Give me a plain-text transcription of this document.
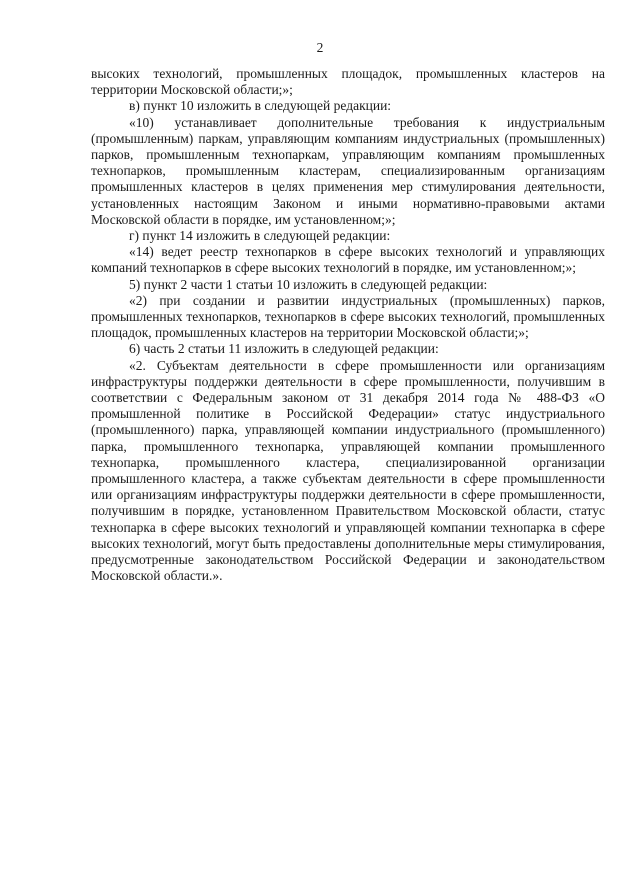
2

высоких технологий, промышленных площадок, промышленных кластеров на территории Московской области;»;

в) пункт 10 изложить в следующей редакции:

«10) устанавливает дополнительные требования к индустриальным (промышленным) паркам, управляющим компаниям индустриальных (промышленных) парков, промышленным технопаркам, управляющим компаниям промышленных технопарков, промышленным кластерам, специализированным организациям промышленных кластеров в целях применения мер стимулирования деятельности, установленных настоящим Законом и иными нормативно-правовыми актами Московской области в порядке, им установленном;»;

г) пункт 14 изложить в следующей редакции:

«14) ведет реестр технопарков в сфере высоких технологий и управляющих компаний технопарков в сфере высоких технологий в порядке, им установленном;»;

5) пункт 2 части 1 статьи 10 изложить в следующей редакции:

«2) при создании и развитии индустриальных (промышленных) парков, промышленных технопарков, технопарков в сфере высоких технологий, промышленных площадок, промышленных кластеров на территории Московской области;»;

6) часть 2 статьи 11 изложить в следующей редакции:

«2. Субъектам деятельности в сфере промышленности или организациям инфраструктуры поддержки деятельности в сфере промышленности, получившим в соответствии с Федеральным законом от 31 декабря 2014 года № 488-ФЗ «О промышленной политике в Российской Федерации» статус индустриального (промышленного) парка, управляющей компании индустриального (промышленного) парка, промышленного технопарка, управляющей компании промышленного технопарка, промышленного кластера, специализированной организации промышленного кластера, а также субъектам деятельности в сфере промышленности или организациям инфраструктуры поддержки деятельности в сфере промышленности, получившим в порядке, установленном Правительством Московской области, статус технопарка в сфере высоких технологий и управляющей компании технопарка в сфере высоких технологий, могут быть предоставлены дополнительные меры стимулирования, предусмотренные законодательством Российской Федерации и законодательством Московской области.».
